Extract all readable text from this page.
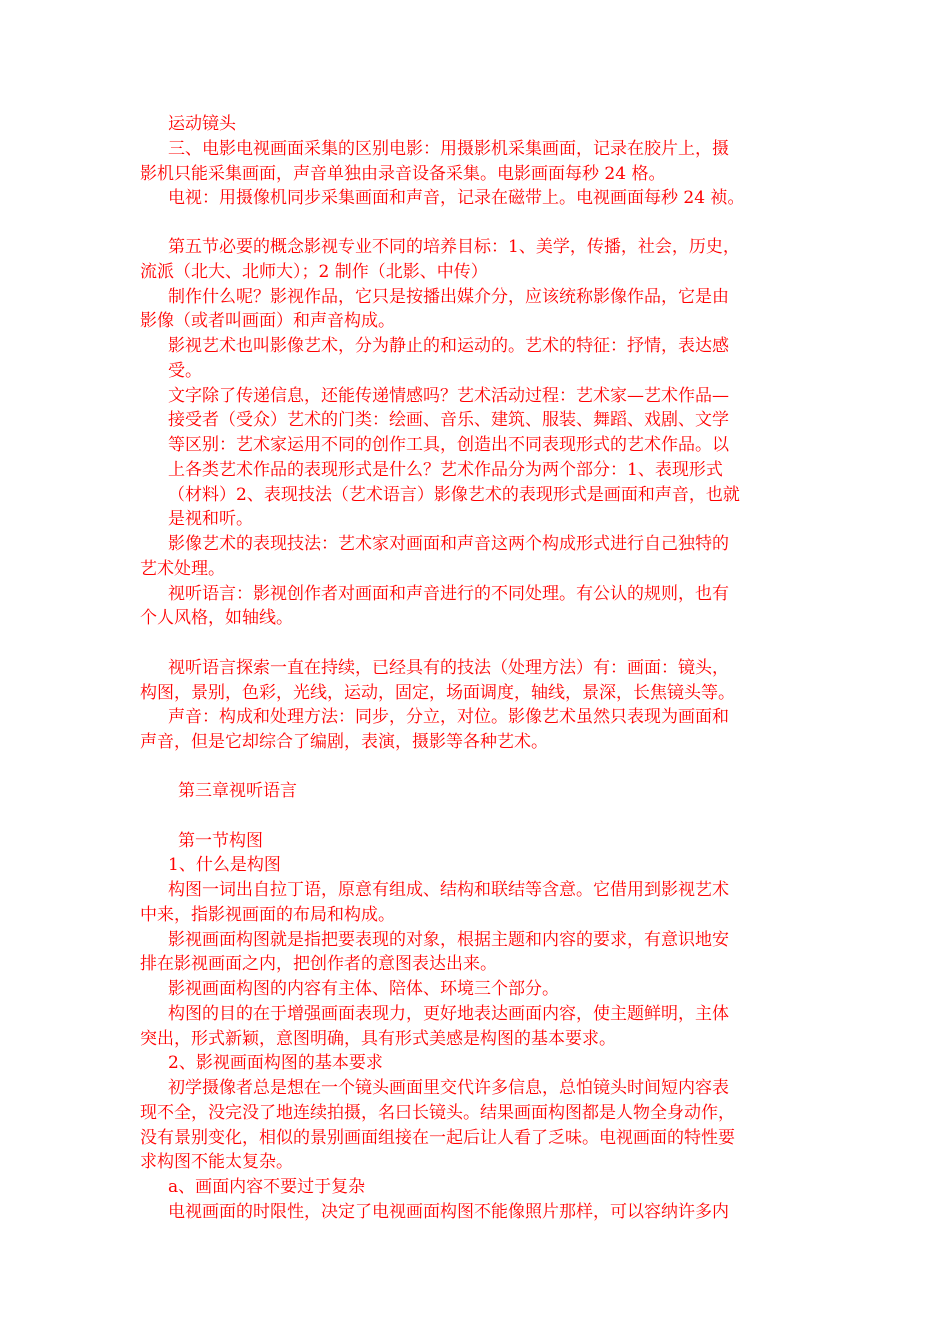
运动镜头
三、电影电视画面采集的区别电影：用摄影机采集画面，记录在胶片上，摄
影机只能采集画面，声音单独由录音设备采集。电影画面每秒 24 格。
电视：用摄像机同步采集画面和声音，记录在磁带上。电视画面每秒 24 祯。
第五节必要的概念影视专业不同的培养目标：1、美学，传播，社会，历史，
流派（北大、北师大）；2 制作（北影、中传）
制作什么呢？影视作品，它只是按播出媒介分，应该统称影像作品，它是由
影像（或者叫画面）和声音构成。
影视艺术也叫影像艺术，分为静止的和运动的。艺术的特征：抒情，表达感
受。
文字除了传递信息，还能传递情感吗？艺术活动过程：艺术家—艺术作品—
接受者（受众）艺术的门类：绘画、音乐、建筑、服装、舞蹈、戏剧、文学
等区别：艺术家运用不同的创作工具，创造出不同表现形式的艺术作品。以
上各类艺术作品的表现形式是什么？艺术作品分为两个部分：1、表现形式
（材料）2、表现技法（艺术语言）影像艺术的表现形式是画面和声音，也就
是视和听。
影像艺术的表现技法：艺术家对画面和声音这两个构成形式进行自己独特的
艺术处理。
视听语言：影视创作者对画面和声音进行的不同处理。有公认的规则，也有
个人风格，如轴线。
视听语言探索一直在持续，已经具有的技法（处理方法）有：画面：镜头，
构图，景别，色彩，光线，运动，固定，场面调度，轴线，景深，长焦镜头等。
声音：构成和处理方法：同步，分立，对位。影像艺术虽然只表现为画面和
声音，但是它却综合了编剧，表演，摄影等各种艺术。
第三章视听语言
第一节构图
1、什么是构图
构图一词出自拉丁语，原意有组成、结构和联结等含意。它借用到影视艺术
中来，指影视画面的布局和构成。
影视画面构图就是指把要表现的对象，根据主题和内容的要求，有意识地安
排在影视画面之内，把创作者的意图表达出来。
影视画面构图的内容有主体、陪体、环境三个部分。
构图的目的在于增强画面表现力，更好地表达画面内容，使主题鲜明，主体
突出，形式新颖，意图明确，具有形式美感是构图的基本要求。
2、影视画面构图的基本要求
初学摄像者总是想在一个镜头画面里交代许多信息，总怕镜头时间短内容表
现不全，没完没了地连续拍摄，名曰长镜头。结果画面构图都是人物全身动作，
没有景别变化，相似的景别画面组接在一起后让人看了乏味。电视画面的特性要
求构图不能太复杂。
a、画面内容不要过于复杂
电视画面的时限性，决定了电视画面构图不能像照片那样，可以容纳许多内
